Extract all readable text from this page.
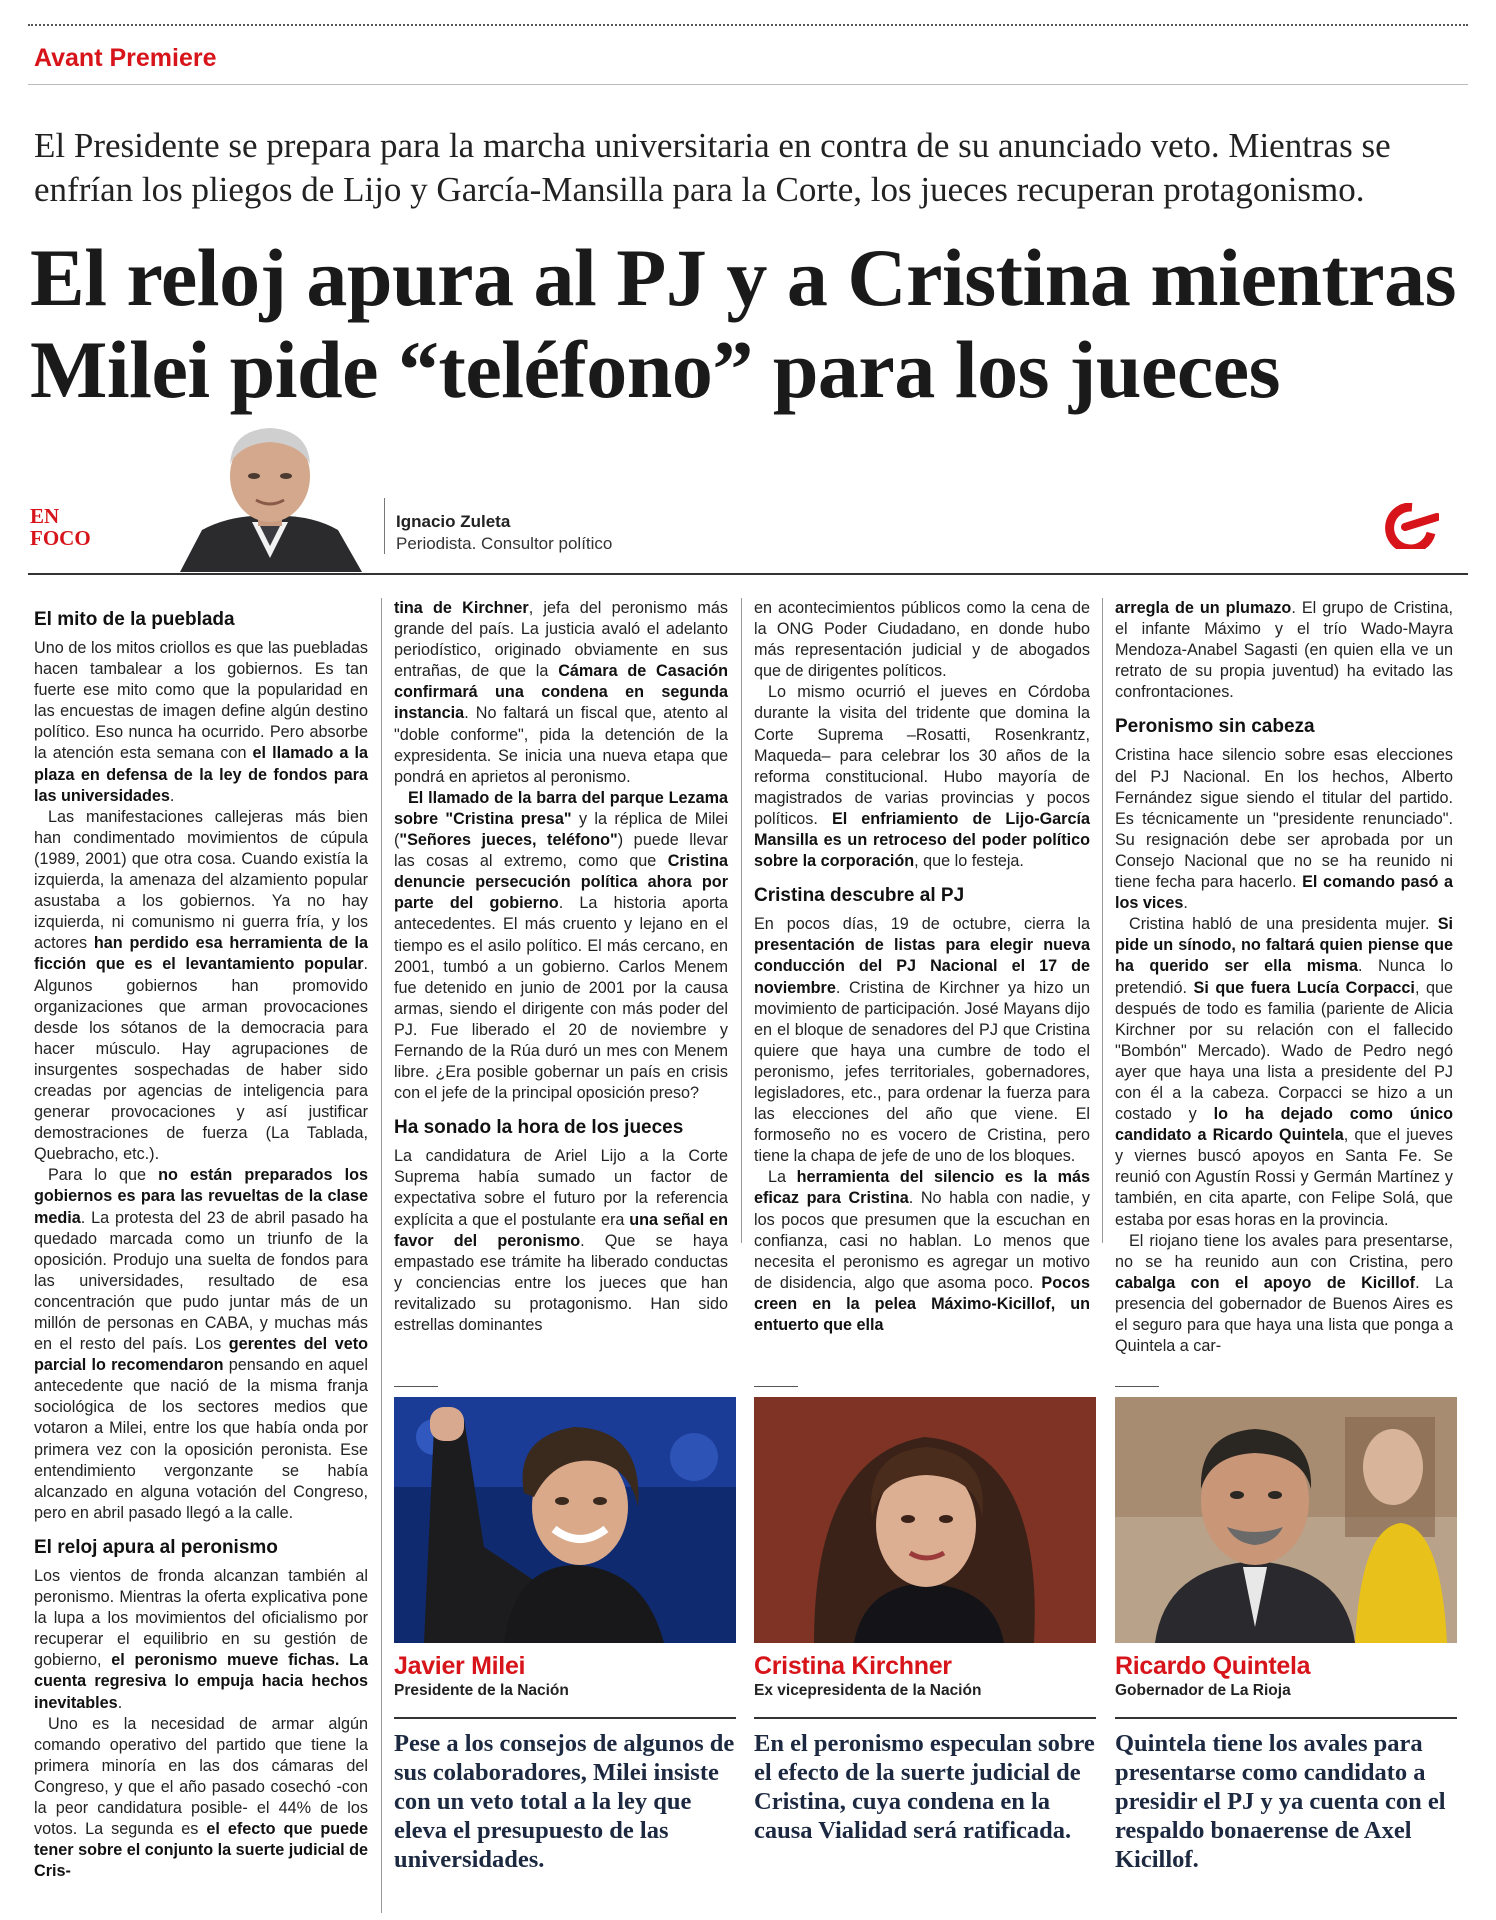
Avant Premiere
El Presidente se prepara para la marcha universitaria en contra de su anunciado veto. Mientras se enfrían los pliegos de Lijo y García-Mansilla para la Corte, los jueces recuperan protagonismo.
El reloj apura al PJ y a Cristina mientras Milei pide “teléfono” para los jueces
EN
FOCO
Ignacio Zuleta
Periodista. Consultor político
El mito de la pueblada

Uno de los mitos criollos es que las puebladas hacen tambalear a los gobiernos. Es tan fuerte ese mito como que la popularidad en las encuestas de imagen define algún destino político. Eso nunca ha ocurrido. Pero absorbe la atención esta semana con el llamado a la plaza en defensa de la ley de fondos para las universidades.

Las manifestaciones callejeras más bien han condimentado movimientos de cúpula (1989, 2001) que otra cosa. Cuando existía la izquierda, la amenaza del alzamiento popular asustaba a los gobiernos. Ya no hay izquierda, ni comunismo ni guerra fría, y los actores han perdido esa herramienta de la ficción que es el levantamiento popular. Algunos gobiernos han promovido organizaciones que arman provocaciones desde los sótanos de la democracia para hacer músculo. Hay agrupaciones de insurgentes sospechadas de haber sido creadas por agencias de inteligencia para generar provocaciones y así justificar demostraciones de fuerza (La Tablada, Quebracho, etc.).

Para lo que no están preparados los gobiernos es para las revueltas de la clase media. La protesta del 23 de abril pasado ha quedado marcada como un triunfo de la oposición. Produjo una suelta de fondos para las universidades, resultado de esa concentración que pudo juntar más de un millón de personas en CABA, y muchas más en el resto del país. Los gerentes del veto parcial lo recomendaron pensando en aquel antecedente que nació de la misma franja sociológica de los sectores medios que votaron a Milei, entre los que había onda por primera vez con la oposición peronista. Ese entendimiento vergonzante se había alcanzado en alguna votación del Congreso, pero en abril pasado llegó a la calle.

El reloj apura al peronismo

Los vientos de fronda alcanzan también al peronismo. Mientras la oferta explicativa pone la lupa a los movimientos del oficialismo por recuperar el equilibrio en su gestión de gobierno, el peronismo mueve fichas. La cuenta regresiva lo empuja hacia hechos inevitables.

Uno es la necesidad de armar algún comando operativo del partido que tiene la primera minoría en las dos cámaras del Congreso, y que el año pasado cosechó -con la peor candidatura posible- el 44% de los votos. La segunda es el efecto que puede tener sobre el conjunto la suerte judicial de Cris-

tina de Kirchner, jefa del peronismo más grande del país. La justicia avaló el adelanto periodístico, originado obviamente en sus entrañas, de que la Cámara de Casación confirmará una condena en segunda instancia. No faltará un fiscal que, atento al "doble conforme", pida la detención de la expresidenta. Se inicia una nueva etapa que pondrá en aprietos al peronismo.

El llamado de la barra del parque Lezama sobre "Cristina presa" y la réplica de Milei ("Señores jueces, teléfono") puede llevar las cosas al extremo, como que Cristina denuncie persecución política ahora por parte del gobierno. La historia aporta antecedentes. El más cruento y lejano en el tiempo es el asilo político. El más cercano, en 2001, tumbó a un gobierno. Carlos Menem fue detenido en junio de 2001 por la causa armas, siendo el dirigente con más poder del PJ. Fue liberado el 20 de noviembre y Fernando de la Rúa duró un mes con Menem libre. ¿Era posible gobernar un país en crisis con el jefe de la principal oposición preso?

Ha sonado la hora de los jueces

La candidatura de Ariel Lijo a la Corte Suprema había sumado un factor de expectativa sobre el futuro por la referencia explícita a que el postulante era una señal en favor del peronismo. Que se haya empastado ese trámite ha liberado conductas y conciencias entre los jueces que han revitalizado su protagonismo. Han sido estrellas dominantes

en acontecimientos públicos como la cena de la ONG Poder Ciudadano, en donde hubo más representación judicial y de abogados que de dirigentes políticos.

Lo mismo ocurrió el jueves en Córdoba durante la visita del tridente que domina la Corte Suprema –Rosatti, Rosenkrantz, Maqueda– para celebrar los 30 años de la reforma constitucional. Hubo mayoría de magistrados de varias provincias y pocos políticos. El enfriamiento de Lijo-García Mansilla es un retroceso del poder político sobre la corporación, que lo festeja.

Cristina descubre al PJ

En pocos días, 19 de octubre, cierra la presentación de listas para elegir nueva conducción del PJ Nacional el 17 de noviembre. Cristina de Kirchner ya hizo un movimiento de participación. José Mayans dijo en el bloque de senadores del PJ que Cristina quiere que haya una cumbre de todo el peronismo, jefes territoriales, gobernadores, legisladores, etc., para ordenar la fuerza para las elecciones del año que viene. El formoseño no es vocero de Cristina, pero tiene la chapa de jefe de uno de los bloques.

La herramienta del silencio es la más eficaz para Cristina. No habla con nadie, y los pocos que presumen que la escuchan en confianza, casi no hablan. Lo menos que necesita el peronismo es agregar un motivo de disidencia, algo que asoma poco. Pocos creen en la pelea Máximo-Kicillof, un entuerto que ella

arregla de un plumazo. El grupo de Cristina, el infante Máximo y el trío Wado-Mayra Mendoza-Anabel Sagasti (en quien ella ve un retrato de su propia juventud) ha evitado las confrontaciones.

Peronismo sin cabeza

Cristina hace silencio sobre esas elecciones del PJ Nacional. En los hechos, Alberto Fernández sigue siendo el titular del partido. Es técnicamente un "presidente renunciado". Su resignación debe ser aprobada por un Consejo Nacional que no se ha reunido ni tiene fecha para hacerlo. El comando pasó a los vices.

Cristina habló de una presidenta mujer. Si pide un sínodo, no faltará quien piense que ha querido ser ella misma. Nunca lo pretendió. Si que fuera Lucía Corpacci, que después de todo es familia (pariente de Alicia Kirchner por su relación con el fallecido "Bombón" Mercado). Wado de Pedro negó ayer que haya una lista a presidente del PJ con él a la cabeza. Corpacci se hizo a un costado y lo ha dejado como único candidato a Ricardo Quintela, que el jueves y viernes buscó apoyos en Santa Fe. Se reunió con Agustín Rossi y Germán Martínez y también, en cita aparte, con Felipe Solá, que estaba por esas horas en la provincia.

El riojano tiene los avales para presentarse, no se ha reunido aun con Cristina, pero cabalga con el apoyo de Kicillof. La presencia del gobernador de Buenos Aires es el seguro para que haya una lista que ponga a Quintela a car-

Javier Milei
Presidente de la Nación
Pese a los consejos de algunos de sus colaboradores, Milei insiste con un veto total a la ley que eleva el presupuesto de las universidades.
Cristina Kirchner
Ex vicepresidenta de la Nación
En el peronismo especulan sobre el efecto de la suerte judicial de Cristina, cuya condena en la causa Vialidad será ratificada.
Ricardo Quintela
Gobernador de La Rioja
Quintela tiene los avales para presentarse como candidato a presidir el PJ y ya cuenta con el respaldo bonaerense de Axel Kicillof.
